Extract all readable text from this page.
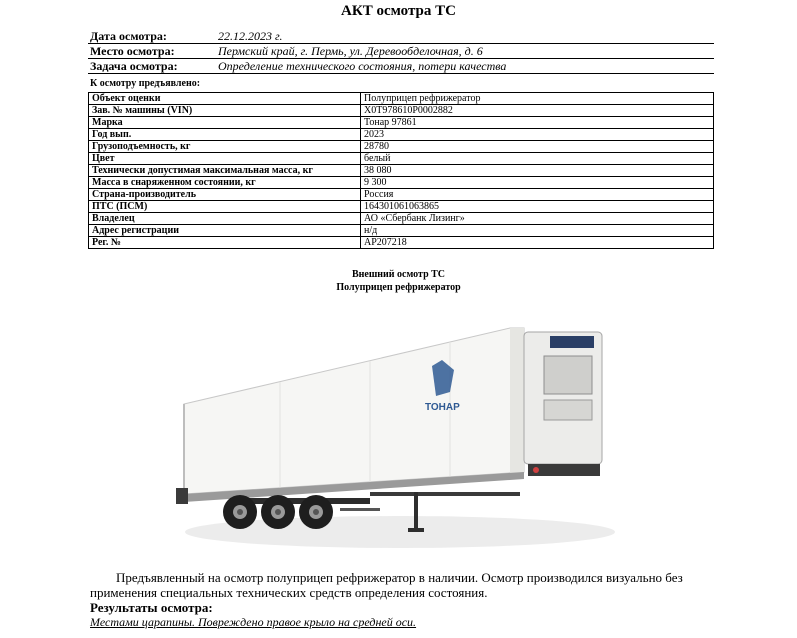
АКТ осмотра ТС
Дата осмотра:	22.12.2023 г.
Место осмотра:	Пермский край, г. Пермь, ул. Деревообделочная, д. 6
Задача осмотра:	Определение технического состояния, потери качества
К осмотру предъявлено:
Объект оценки	Полуприцеп рефрижератор
Зав. № машины (VIN)	X0T978610P0002882
Марка	Тонар 97861
Год вып.	2023
Грузоподъемность, кг	28780
Цвет	белый
Технически допустимая максимальная масса, кг	38 080
Масса в снаряженном состоянии, кг	9 300
Страна-производитель	Россия
ПТС (ПСМ)	164301061063865
Владелец	АО «Сбербанк Лизинг»
Адрес регистрации	н/д
Рег. №	АР207218
Внешний осмотр ТС
Полуприцеп рефрижератор
ТОНАР
Предъявленный на осмотр полуприцеп рефрижератор в наличии. Осмотр производился визуально без применения специальных технических средств определения состояния.
Результаты осмотра:
Местами царапины. Повреждено правое крыло на средней оси.
